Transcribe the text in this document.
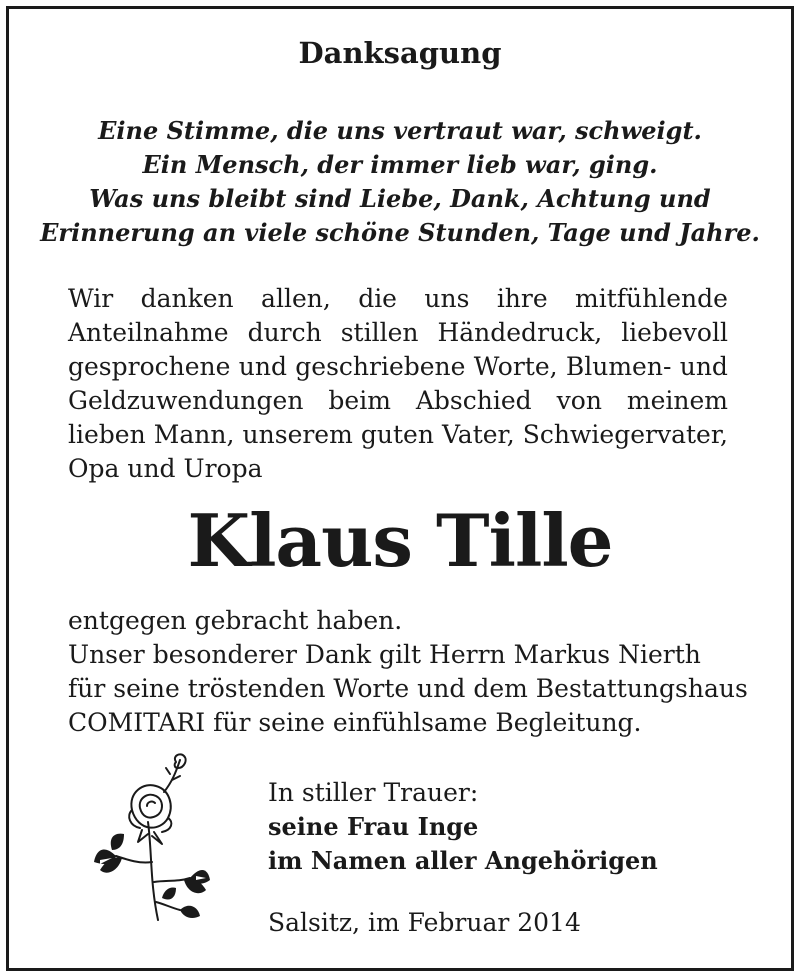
Danksagung
Eine Stimme, die uns vertraut war, schweigt.
Ein Mensch, der immer lieb war, ging.
Was uns bleibt sind Liebe, Dank, Achtung und
Erinnerung an viele schöne Stunden, Tage und Jahre.
Wir danken allen, die uns ihre mitfühlende
Anteilnahme durch stillen Händedruck, liebevoll
gesprochene und geschriebene Worte, Blumen- und
Geldzuwendungen beim Abschied von meinem
lieben Mann, unserem guten Vater, Schwiegervater,
Opa und Uropa
Klaus Tille
entgegen gebracht haben.
Unser besonderer Dank gilt Herrn Markus Nierth
für seine tröstenden Worte und dem Bestattungshaus
COMITARI für seine einfühlsame Begleitung.
In stiller Trauer:
seine Frau Inge
im Namen aller Angehörigen
Salsitz, im Februar 2014
